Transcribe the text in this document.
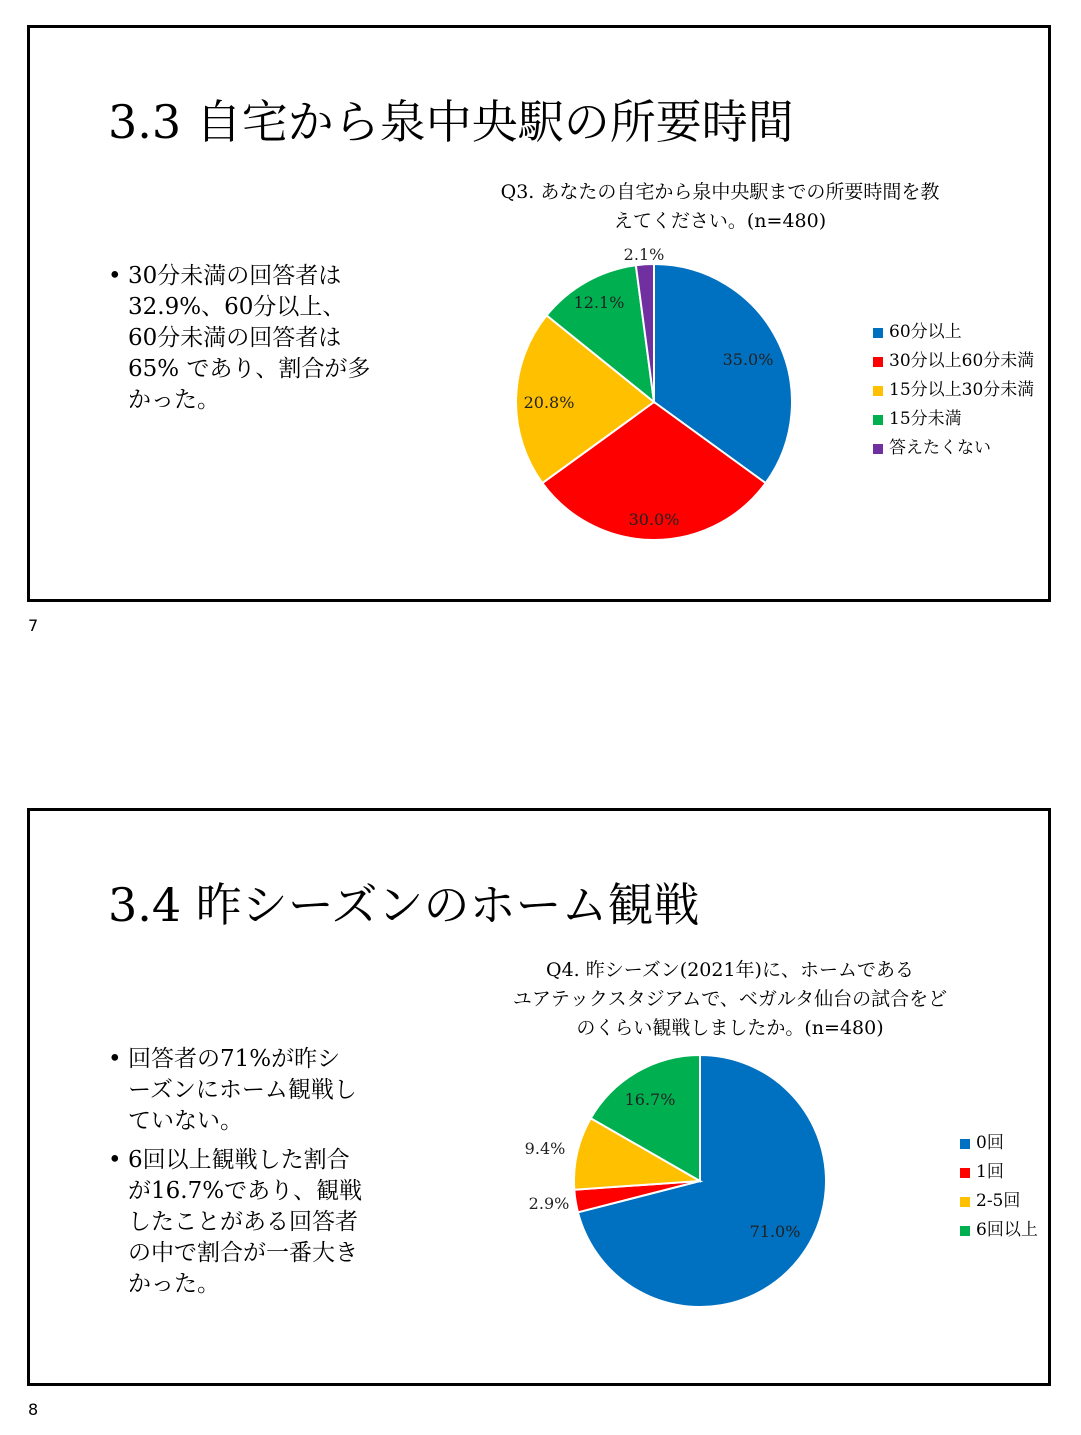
3.3 自宅から泉中央駅の所要時間
• 30分未満の回答者は32.9%、60分以上、60分未満の回答者は65% であり、割合が多かった。
Q3. あなたの自宅から泉中央駅までの所要時間を教
えてください。(n=480)
35.0%
30.0%
20.8%
12.1%
2.1%
60分以上
30分以上60分未満
15分以上30分未満
15分未満
答えたくない
7
3.4 昨シーズンのホーム観戦
• 回答者の71%が昨シーズンにホーム観戦していない。
• 6回以上観戦した割合が16.7%であり、観戦したことがある回答者の中で割合が一番大きかった。
Q4. 昨シーズン(2021年)に、ホームである
ユアテックスタジアムで、ベガルタ仙台の試合をど
のくらい観戦しましたか。(n=480)
71.0%
2.9%
9.4%
16.7%
0回
1回
2-5回
6回以上
8
